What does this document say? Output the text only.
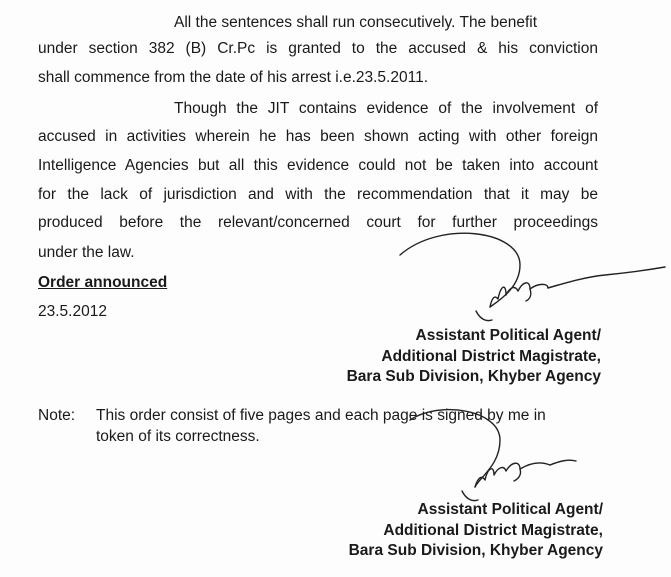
All the sentences shall run consecutively. The benefit
under section 382 (B) Cr.Pc is granted to the accused & his conviction
shall commence from the date of his arrest i.e.23.5.2011.
Though the JIT contains evidence of the involvement of
accused in activities wherein he has been shown acting with other foreign
Intelligence Agencies but all this evidence could not be taken into account
for the lack of jurisdiction and with the recommendation that it may be
produced before the relevant/concerned court for further proceedings
under the law.
Order announced
23.5.2012
Assistant Political Agent/
Additional District Magistrate,
Bara Sub Division, Khyber Agency
Note: This order consist of five pages and each page is signed by me in
token of its correctness.
Assistant Political Agent/
Additional District Magistrate,
Bara Sub Division, Khyber Agency
